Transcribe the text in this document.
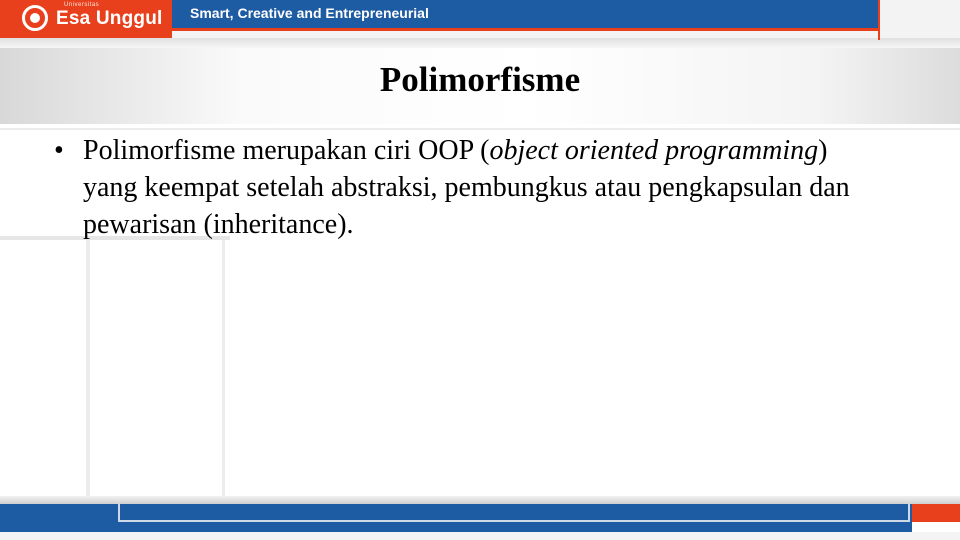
Universitas
Esa Unggul Smart, Creative and Entrepreneurial
Polimorfisme
• Polimorfisme merupakan ciri OOP (object oriented programming) yang keempat setelah abstraksi, pembungkus atau pengkapsulan dan pewarisan (inheritance).
